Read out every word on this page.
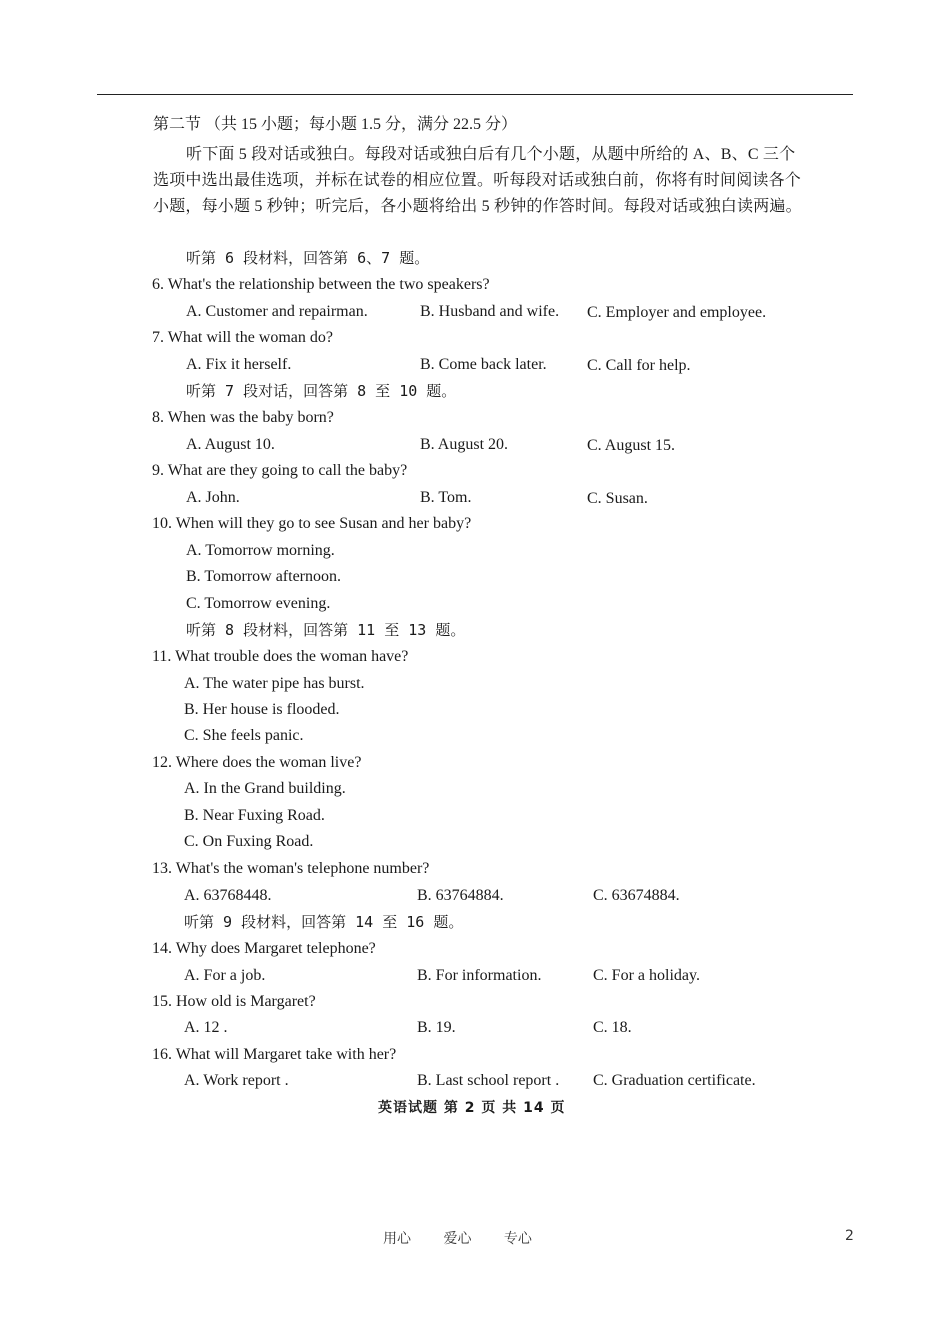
第二节 （共 15 小题；每小题 1.5 分，满分 22.5 分）
听下面 5 段对话或独白。每段对话或独白后有几个小题，从题中所给的 A、B、C 三个选项中选出最佳选项，并标在试卷的相应位置。听每段对话或独白前，你将有时间阅读各个小题，每小题 5 秒钟；听完后，各小题将给出 5 秒钟的作答时间。每段对话或独白读两遍。
听第 6 段材料，回答第 6、7 题。
6. What's the relationship between the two speakers?
A. Customer and repairman.	B. Husband and wife. C. Employer and employee.
7. What will the woman do?
A. Fix it herself.	B. Come back later.	C. Call for help.
听第 7 段对话，回答第 8 至 10 题。
8. When was the baby born?
A. August 10.	B. August 20.	C. August 15.
9. What are they going to call the baby?
A. John.	B. Tom.	C. Susan.
10. When will they go to see Susan and her baby?
A. Tomorrow morning.
B. Tomorrow afternoon.
C. Tomorrow evening.
听第 8 段材料，回答第 11 至 13 题。
11. What trouble does the woman have?
A. The water pipe has burst.
B. Her house is flooded.
C. She feels panic.
12. Where does the woman live?
A. In the Grand building.
B. Near Fuxing Road.
C. On Fuxing Road.
13. What's the woman's telephone number?
A. 63768448.	B. 63764884.	C. 63674884.
听第 9 段材料，回答第 14 至 16 题。
14. Why does Margaret telephone?
A. For a job.	B. For information.	C. For a holiday.
15. How old is Margaret?
A. 12 .	B. 19.	C. 18.
16. What will Margaret take with her?
A. Work report .	B. Last school report . C. Graduation certificate.
英语试题 第 2 页 共 14 页
用心 爱心 专心	2
